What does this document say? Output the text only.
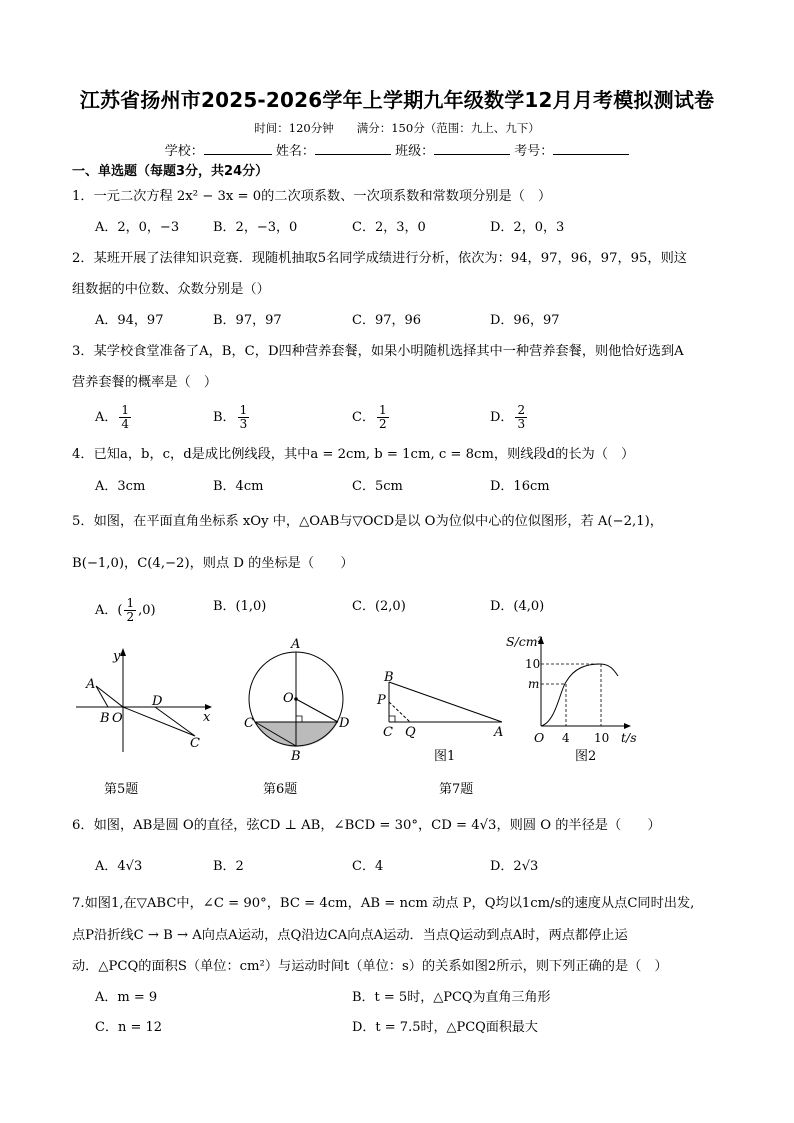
江苏省扬州市2025-2026学年上学期九年级数学12月月考模拟测试卷
时间：120分钟　　满分：150分（范围：九上、九下）
学校：	姓名：	班级：	考号：
一、单选题（每题3分，共24分）
1．一元二次方程 2x² − 3x = 0的二次项系数、一次项系数和常数项分别是（　）
A．2，0，−3	B．2，−3，0	C．2，3，0	D．2，0，3
2．某班开展了法律知识竞赛．现随机抽取5名同学成绩进行分析，依次为：94，97，96，97，95，则这
组数据的中位数、众数分别是（）
A．94，97	B．97，97	C．97，96	D．96，97
3．某学校食堂准备了A，B，C，D四种营养套餐，如果小明随机选择其中一种营养套餐，则他恰好选到A
营养套餐的概率是（　）
A． $\frac{1}{4}$	B． $\frac{1}{3}$	C． $\frac{1}{2}$	D． $\frac{2}{3}$
4．已知a，b，c，d是成比例线段，其中a = 2cm, b = 1cm, c = 8cm，则线段d的长为（　）
A．3cm	B．4cm	C．5cm	D．16cm
5．如图，在平面直角坐标系 xOy 中，△OAB与▽OCD是以 O为位似中心的位似图形，若 A(−2,1)，
B(−1,0)，C(4,−2)，则点 D 的坐标是（　　）
A．( $\frac{1}{2} ,0$)	B．(1,0)	C．(2,0)	D．(4,0)
y
x
A
B O
D
C
A
O
C	D
B
B
P
C Q	A
图1
S/cm²
10
m
O 4 10 t/s
图2
第5题	第6题	第7题
6．如图，AB是圆 O的直径，弦CD ⊥ AB，∠BCD = 30°，CD = 4√3，则圆 O 的半径是（　　）
A．4√3	B．2	C．4	D．2√3
7.如图1,在▽ABC中，∠C = 90°，BC = 4cm，AB = ncm 动点 P，Q均以1cm/s的速度从点C同时出发,
点P沿折线C → B → A向点A运动，点Q沿边CA向点A运动．当点Q运动到点A时，两点都停止运
动．△PCQ的面积S（单位：cm²）与运动时间t（单位：s）的关系如图2所示，则下列正确的是（　）
A．m = 9	B．t = 5时，△PCQ为直角三角形
C．n = 12	D．t = 7.5时，△PCQ面积最大
